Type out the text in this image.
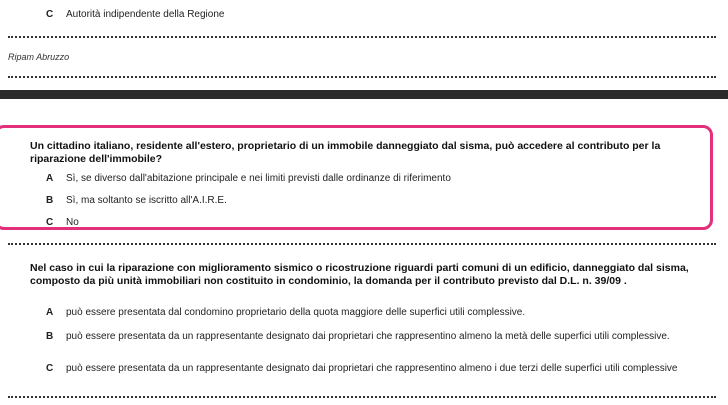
C	Autorità indipendente della Regione
Ripam Abruzzo
Un cittadino italiano, residente all'estero, proprietario di un immobile danneggiato dal sisma, può accedere al contributo per la riparazione dell'immobile?
A	Sì, se diverso dall'abitazione principale e nei limiti previsti dalle ordinanze di riferimento
B	Sì, ma soltanto se iscritto all'A.I.R.E.
C	No
Nel caso in cui la riparazione con miglioramento sismico o ricostruzione riguardi parti comuni di un edificio, danneggiato dal sisma, composto da più unità immobiliari non costituito in condominio, la domanda per il contributo previsto dal D.L. n. 39/09 .
A	può essere presentata dal condomino proprietario della quota maggiore delle superfici utili complessive.
B	può essere presentata da un rappresentante designato dai proprietari che rappresentino almeno la metà delle superfici utili complessive.
C	può essere presentata da un rappresentante designato dai proprietari che rappresentino almeno i due terzi delle superfici utili complessive
